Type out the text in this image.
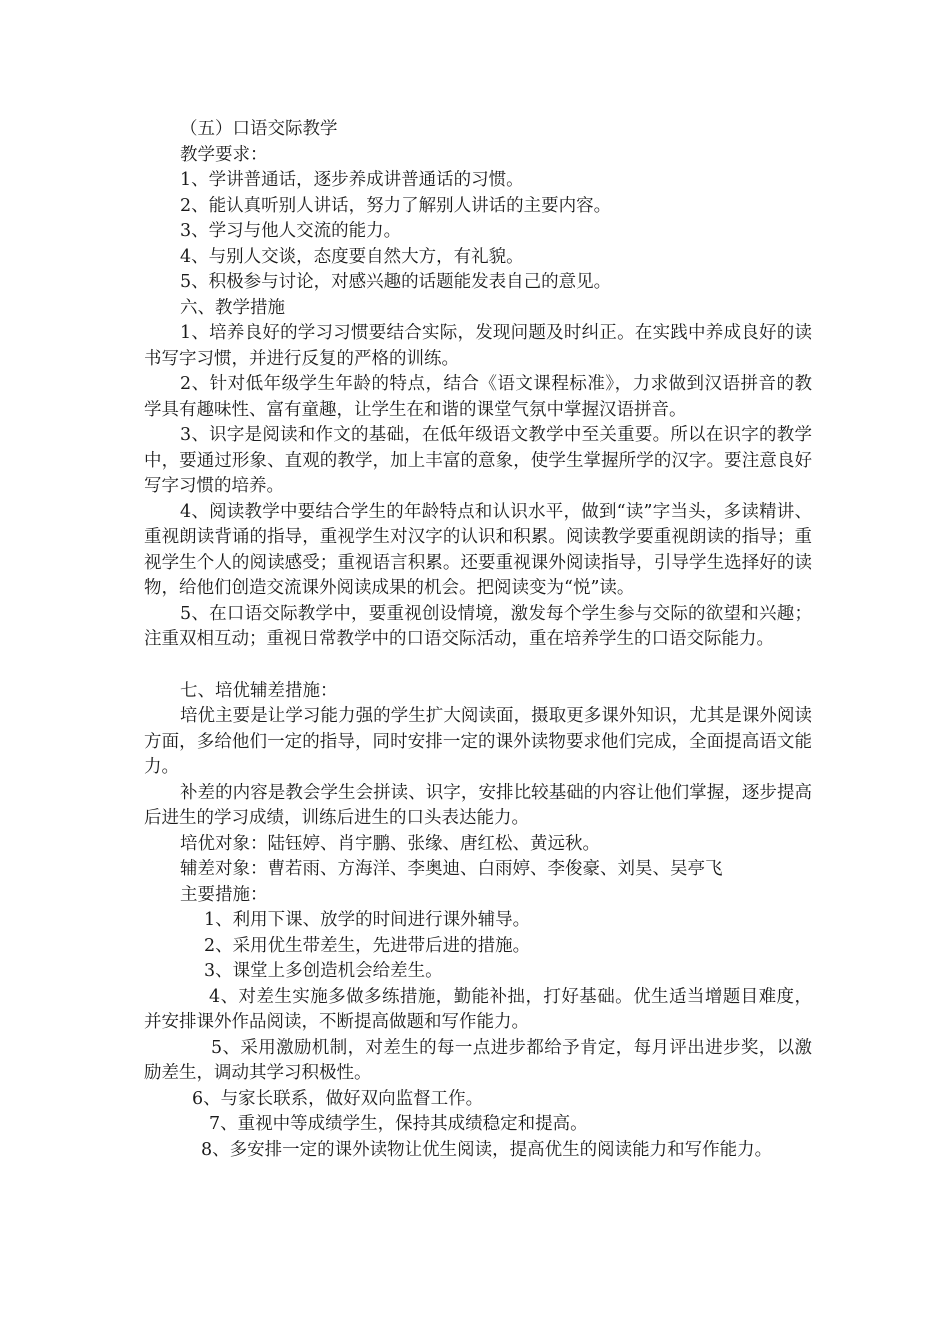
（五）口语交际教学

教学要求：

1、学讲普通话，逐步养成讲普通话的习惯。

2、能认真听别人讲话，努力了解别人讲话的主要内容。

3、学习与他人交流的能力。

4、与别人交谈，态度要自然大方，有礼貌。

5、积极参与讨论，对感兴趣的话题能发表自己的意见。

六、教学措施

1、培养良好的学习习惯要结合实际，发现问题及时纠正。在实践中养成良好的读书写字习惯，并进行反复的严格的训练。

2、针对低年级学生年龄的特点，结合《语文课程标准》，力求做到汉语拼音的教学具有趣味性、富有童趣，让学生在和谐的课堂气氛中掌握汉语拼音。

3、识字是阅读和作文的基础，在低年级语文教学中至关重要。所以在识字的教学中，要通过形象、直观的教学，加上丰富的意象，使学生掌握所学的汉字。要注意良好写字习惯的培养。

4、阅读教学中要结合学生的年龄特点和认识水平，做到“读”字当头，多读精讲、重视朗读背诵的指导，重视学生对汉字的认识和积累。阅读教学要重视朗读的指导；重视学生个人的阅读感受；重视语言积累。还要重视课外阅读指导，引导学生选择好的读物，给他们创造交流课外阅读成果的机会。把阅读变为“悦”读。

5、在口语交际教学中，要重视创设情境，激发每个学生参与交际的欲望和兴趣；注重双相互动；重视日常教学中的口语交际活动，重在培养学生的口语交际能力。

七、培优辅差措施：

培优主要是让学习能力强的学生扩大阅读面，摄取更多课外知识，尤其是课外阅读方面，多给他们一定的指导，同时安排一定的课外读物要求他们完成，全面提高语文能力。

补差的内容是教会学生会拼读、识字，安排比较基础的内容让他们掌握，逐步提高后进生的学习成绩，训练后进生的口头表达能力。

培优对象：陆钰婷、肖宇鹏、张缘、唐红松、黄远秋。

辅差对象：曹若雨、方海洋、李奥迪、白雨婷、李俊豪、刘昊、吴亭飞

主要措施：

1、利用下课、放学的时间进行课外辅导。

2、采用优生带差生，先进带后进的措施。

3、课堂上多创造机会给差生。

4、对差生实施多做多练措施，勤能补拙，打好基础。优生适当增题目难度，并安排课外作品阅读，不断提高做题和写作能力。

5、采用激励机制，对差生的每一点进步都给予肯定，每月评出进步奖，以激励差生，调动其学习积极性。

6、与家长联系，做好双向监督工作。

7、重视中等成绩学生，保持其成绩稳定和提高。

8、多安排一定的课外读物让优生阅读，提高优生的阅读能力和写作能力。
